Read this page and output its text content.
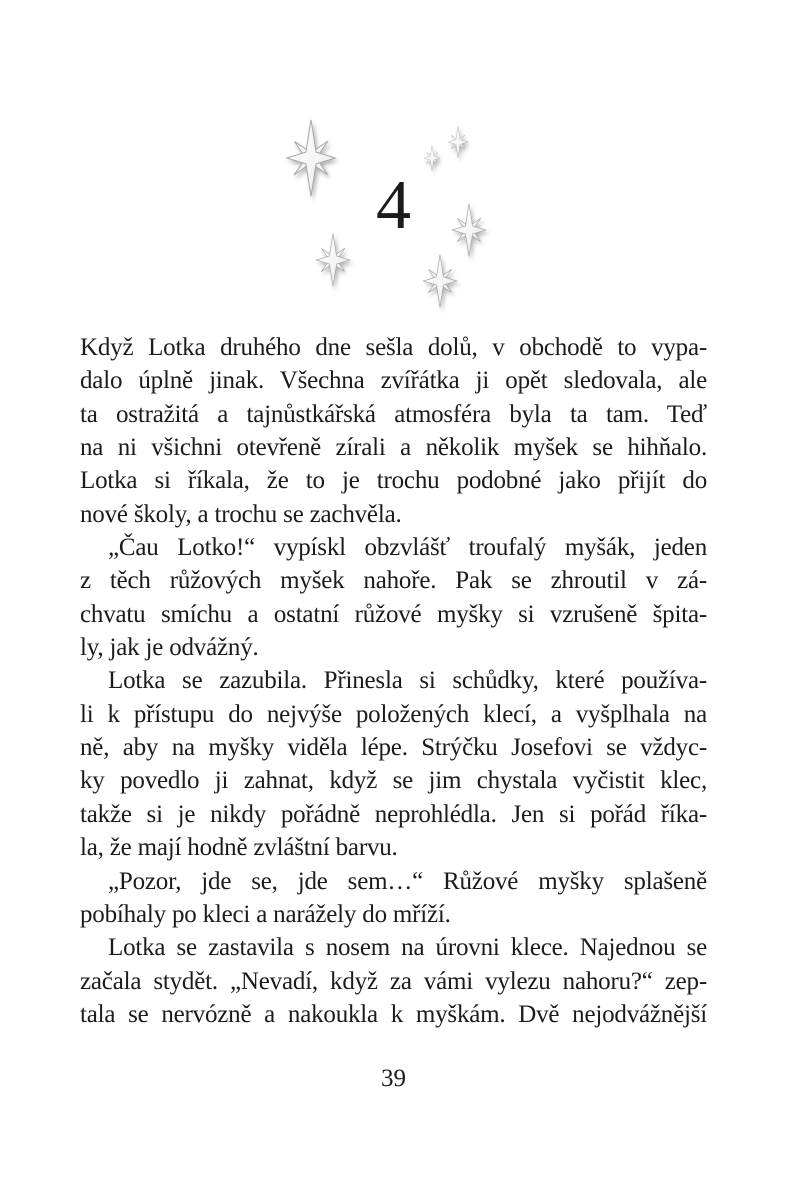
4
Když Lotka druhého dne sešla dolů, v obchodě to vypa-
dalo úplně jinak. Všechna zvířátka ji opět sledovala, ale
ta ostražitá a tajnůstkářská atmosféra byla ta tam. Teď
na ni všichni otevřeně zírali a několik myšek se hihňalo.
Lotka si říkala, že to je trochu podobné jako přijít do
nové školy, a trochu se zachvěla.
„Čau Lotko!“ vypískl obzvlášť troufalý myšák, jeden
z těch růžových myšek nahoře. Pak se zhroutil v zá-
chvatu smíchu a ostatní růžové myšky si vzrušeně špita-
ly, jak je odvážný.
Lotka se zazubila. Přinesla si schůdky, které používa-
li k přístupu do nejvýše položených klecí, a vyšplhala na
ně, aby na myšky viděla lépe. Strýčku Josefovi se vždyc-
ky povedlo ji zahnat, když se jim chystala vyčistit klec,
takže si je nikdy pořádně neprohlédla. Jen si pořád říka-
la, že mají hodně zvláštní barvu.
„Pozor, jde se, jde sem…“ Růžové myšky splašeně
pobíhaly po kleci a narážely do mříží.
Lotka se zastavila s nosem na úrovni klece. Najednou se
začala stydět. „Nevadí, když za vámi vylezu nahoru?“ zep-
tala se nervózně a nakoukla k myškám. Dvě nejodvážnější
39
